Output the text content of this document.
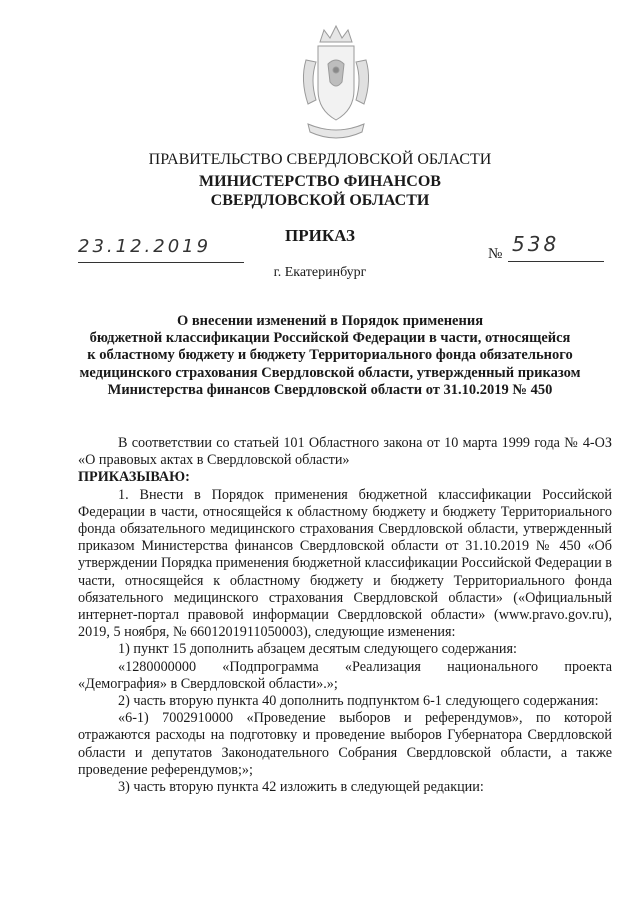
ПРАВИТЕЛЬСТВО СВЕРДЛОВСКОЙ ОБЛАСТИ
МИНИСТЕРСТВО ФИНАНСОВ
СВЕРДЛОВСКОЙ ОБЛАСТИ
ПРИКАЗ
23.12.2019	№ 538
г. Екатеринбург
О внесении изменений в Порядок применения
бюджетной классификации Российской Федерации в части, относящейся
к областному бюджету и бюджету Территориального фонда обязательного
медицинского страхования Свердловской области, утвержденный приказом
Министерства финансов Свердловской области от 31.10.2019 № 450

В соответствии со статьей 101 Областного закона от 10 марта 1999 года № 4-ОЗ «О правовых актах в Свердловской области»

ПРИКАЗЫВАЮ:

1. Внести в Порядок применения бюджетной классификации Российской Федерации в части, относящейся к областному бюджету и бюджету Территориального фонда обязательного медицинского страхования Свердловской области, утвержденный приказом Министерства финансов Свердловской области от 31.10.2019 № 450 «Об утверждении Порядка применения бюджетной классификации Российской Федерации в части, относящейся к областному бюджету и бюджету Территориального фонда обязательного медицинского страхования Свердловской области» («Официальный интернет-портал правовой информации Свердловской области» (www.pravo.gov.ru), 2019, 5 ноября, № 6601201911050003), следующие изменения:

1) пункт 15 дополнить абзацем десятым следующего содержания:

«1280000000 «Подпрограмма «Реализация национального проекта «Демография» в Свердловской области».»;

2) часть вторую пункта 40 дополнить подпунктом 6-1 следующего содержания:

«6-1) 7002910000 «Проведение выборов и референдумов», по которой отражаются расходы на подготовку и проведение выборов Губернатора Свердловской области и депутатов Законодательного Собрания Свердловской области, а также проведение референдумов;»;

3) часть вторую пункта 42 изложить в следующей редакции:
